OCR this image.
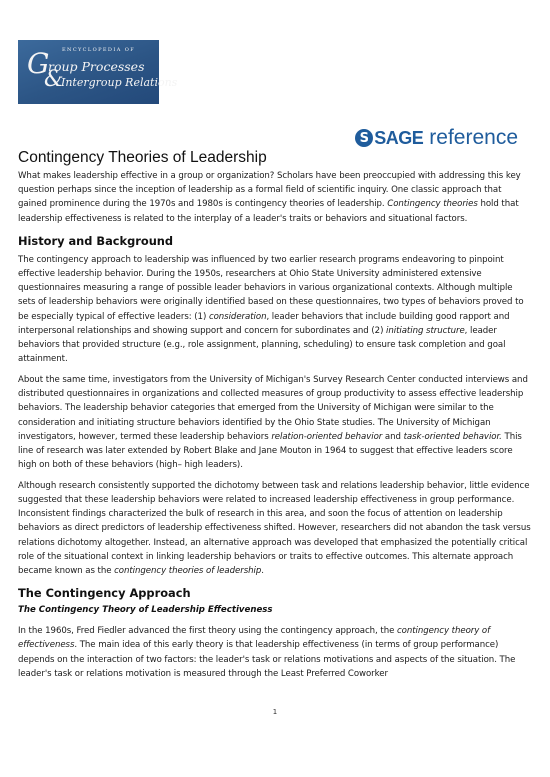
ENCYCLOPEDIA OF
G
roup Processes
&
Intergroup Relations
S SAGE reference
Contingency Theories of Leadership

What makes leadership effective in a group or organization? Scholars have been preoccupied with addressing this key question perhaps since the inception of leadership as a formal field of scientific inquiry. One classic approach that gained prominence during the 1970s and 1980s is contingency theories of leadership. Contingency theories hold that leadership effectiveness is related to the interplay of a leader's traits or behaviors and situational factors.

History and Background

The contingency approach to leadership was influenced by two earlier research programs endeavoring to pinpoint effective leadership behavior. During the 1950s, researchers at Ohio State University administered extensive questionnaires measuring a range of possible leader behaviors in various organizational contexts. Although multiple sets of leadership behaviors were originally identified based on these questionnaires, two types of behaviors proved to be especially typical of effective leaders: (1) consideration, leader behaviors that include building good rapport and interpersonal relationships and showing support and concern for subordinates and (2) initiating structure, leader behaviors that provided structure (e.g., role assignment, planning, scheduling) to ensure task completion and goal attainment.

About the same time, investigators from the University of Michigan's Survey Research Center conducted interviews and distributed questionnaires in organizations and collected measures of group productivity to assess effective leadership behaviors. The leadership behavior categories that emerged from the University of Michigan were similar to the consideration and initiating structure behaviors identified by the Ohio State studies. The University of Michigan investigators, however, termed these leadership behaviors relation-oriented behavior and task-oriented behavior. This line of research was later extended by Robert Blake and Jane Mouton in 1964 to suggest that effective leaders score high on both of these behaviors (high– high leaders).

Although research consistently supported the dichotomy between task and relations leadership behavior, little evidence suggested that these leadership behaviors were related to increased leadership effectiveness in group performance. Inconsistent findings characterized the bulk of research in this area, and soon the focus of attention on leadership behaviors as direct predictors of leadership effectiveness shifted. However, researchers did not abandon the task versus relations dichotomy altogether. Instead, an alternative approach was developed that emphasized the potentially critical role of the situational context in linking leadership behaviors or traits to effective outcomes. This alternate approach became known as the contingency theories of leadership.

The Contingency Approach
The Contingency Theory of Leadership Effectiveness

In the 1960s, Fred Fiedler advanced the first theory using the contingency approach, the contingency theory of effectiveness. The main idea of this early theory is that leadership effectiveness (in terms of group performance) depends on the interaction of two factors: the leader's task or relations motivations and aspects of the situation. The leader's task or relations motivation is measured through the Least Preferred Coworker

1
